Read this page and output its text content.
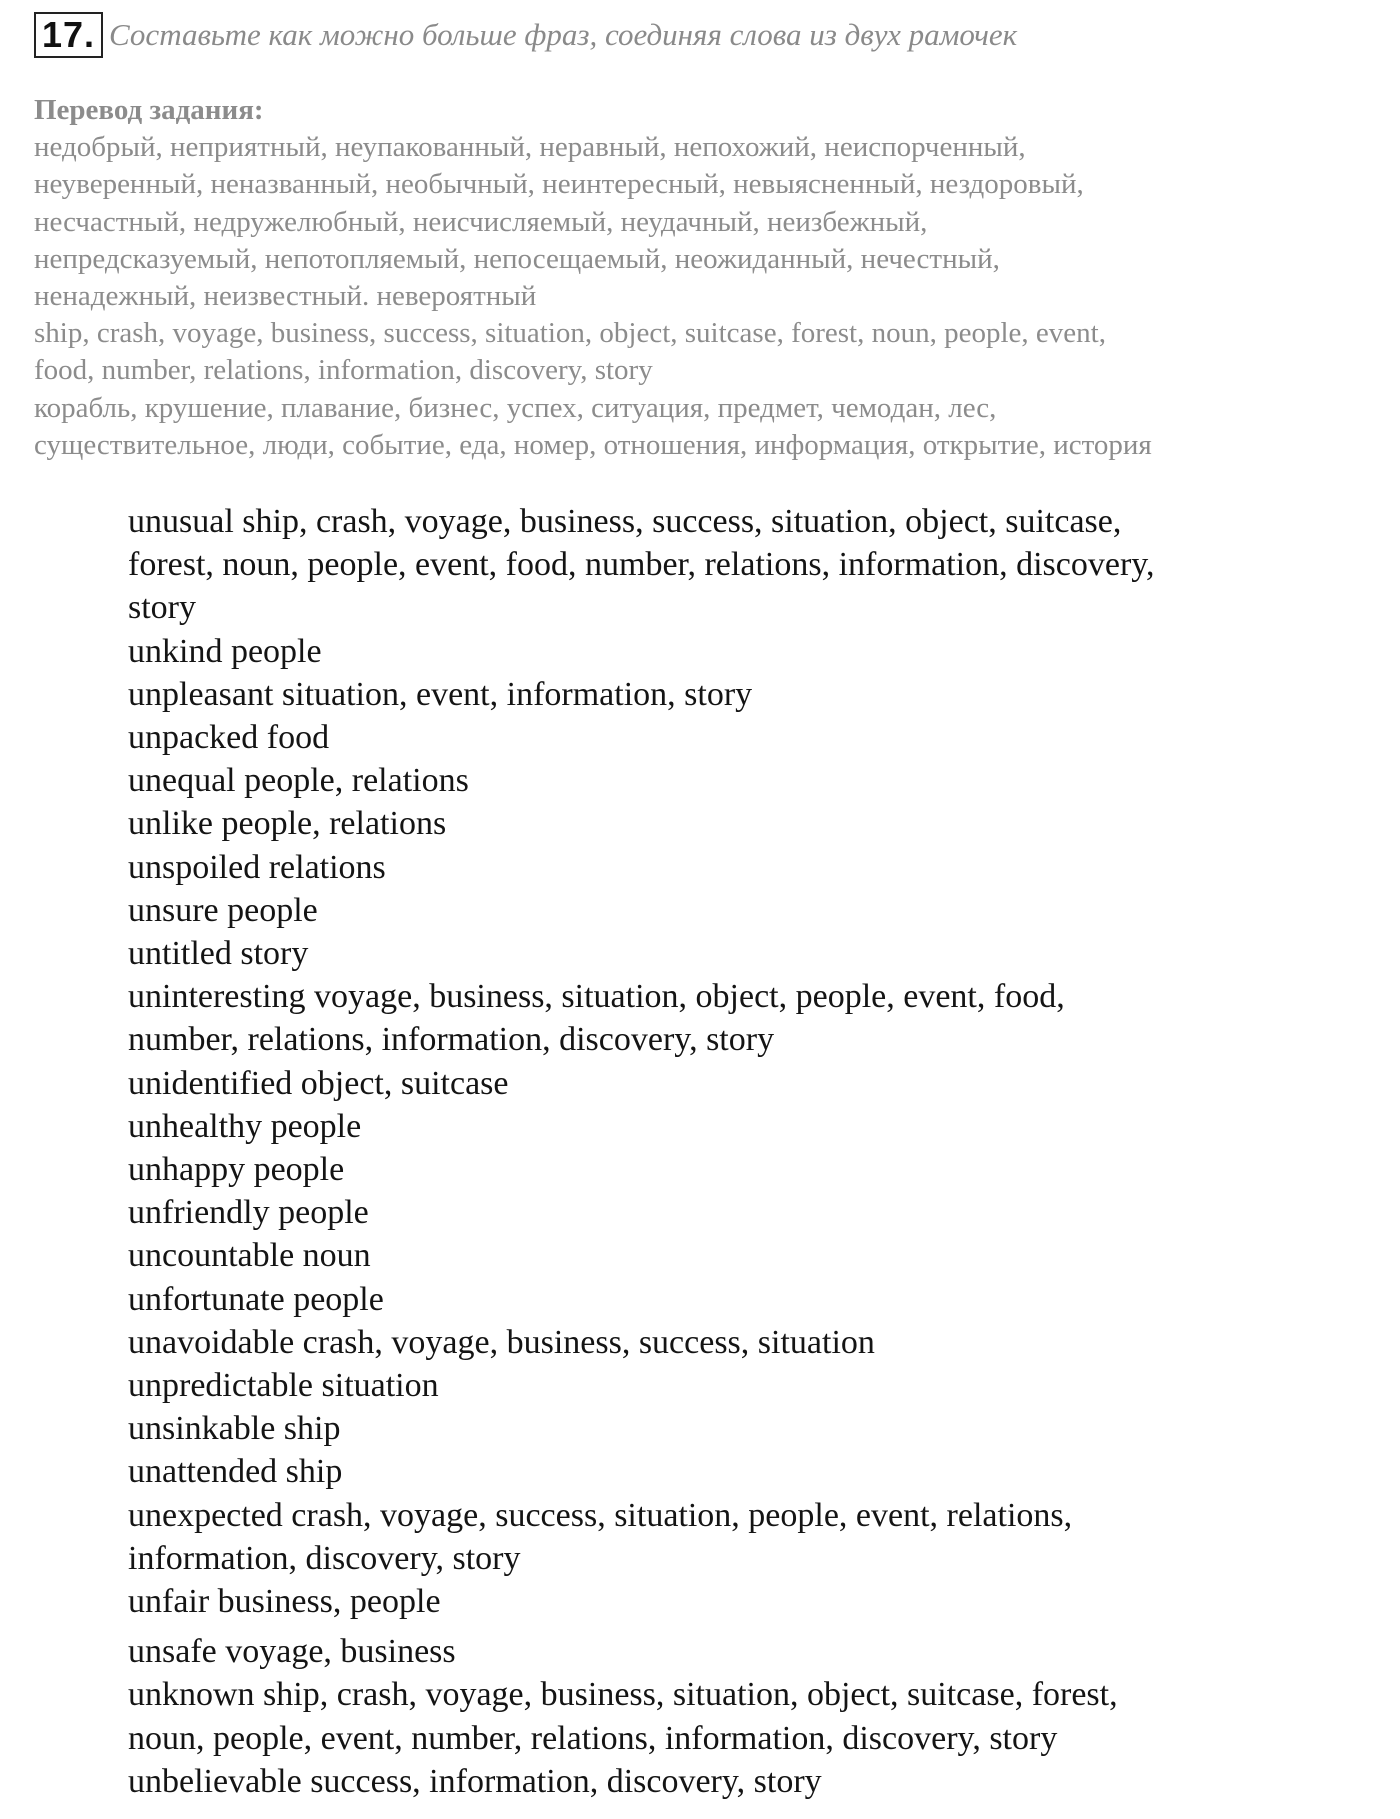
17. Составьте как можно больше фраз, соединяя слова из двух рамочек

Перевод задания:

недобрый, неприятный, неупакованный, неравный, непохожий, неиспорченный,

неуверенный, неназванный, необычный, неинтересный, невыясненный, нездоровый,

несчастный, недружелюбный, неисчисляемый, неудачный, неизбежный,

непредсказуемый, непотопляемый, непосещаемый, неожиданный, нечестный,

ненадежный, неизвестный. невероятный

ship, crash, voyage, business, success, situation, object, suitcase, forest, noun, people, event,

food, number, relations, information, discovery, story

корабль, крушение, плавание, бизнес, успех, ситуация, предмет, чемодан, лес,

существительное, люди, событие, еда, номер, отношения, информация, открытие, история

unusual ship, crash, voyage, business, success, situation, object, suitcase,

forest, noun, people, event, food, number, relations, information, discovery,

story

unkind people

unpleasant situation, event, information, story

unpacked food

unequal people, relations

unlike people, relations

unspoiled relations

unsure people

untitled story

uninteresting voyage, business, situation, object, people, event, food,

number, relations, information, discovery, story

unidentified object, suitcase

unhealthy people

unhappy people

unfriendly people

uncountable noun

unfortunate people

unavoidable crash, voyage, business, success, situation

unpredictable situation

unsinkable ship

unattended ship

unexpected crash, voyage, success, situation, people, event, relations,

information, discovery, story

unfair business, people

unsafe voyage, business

unknown ship, crash, voyage, business, situation, object, suitcase, forest,

noun, people, event, number, relations, information, discovery, story

unbelievable success, information, discovery, story
